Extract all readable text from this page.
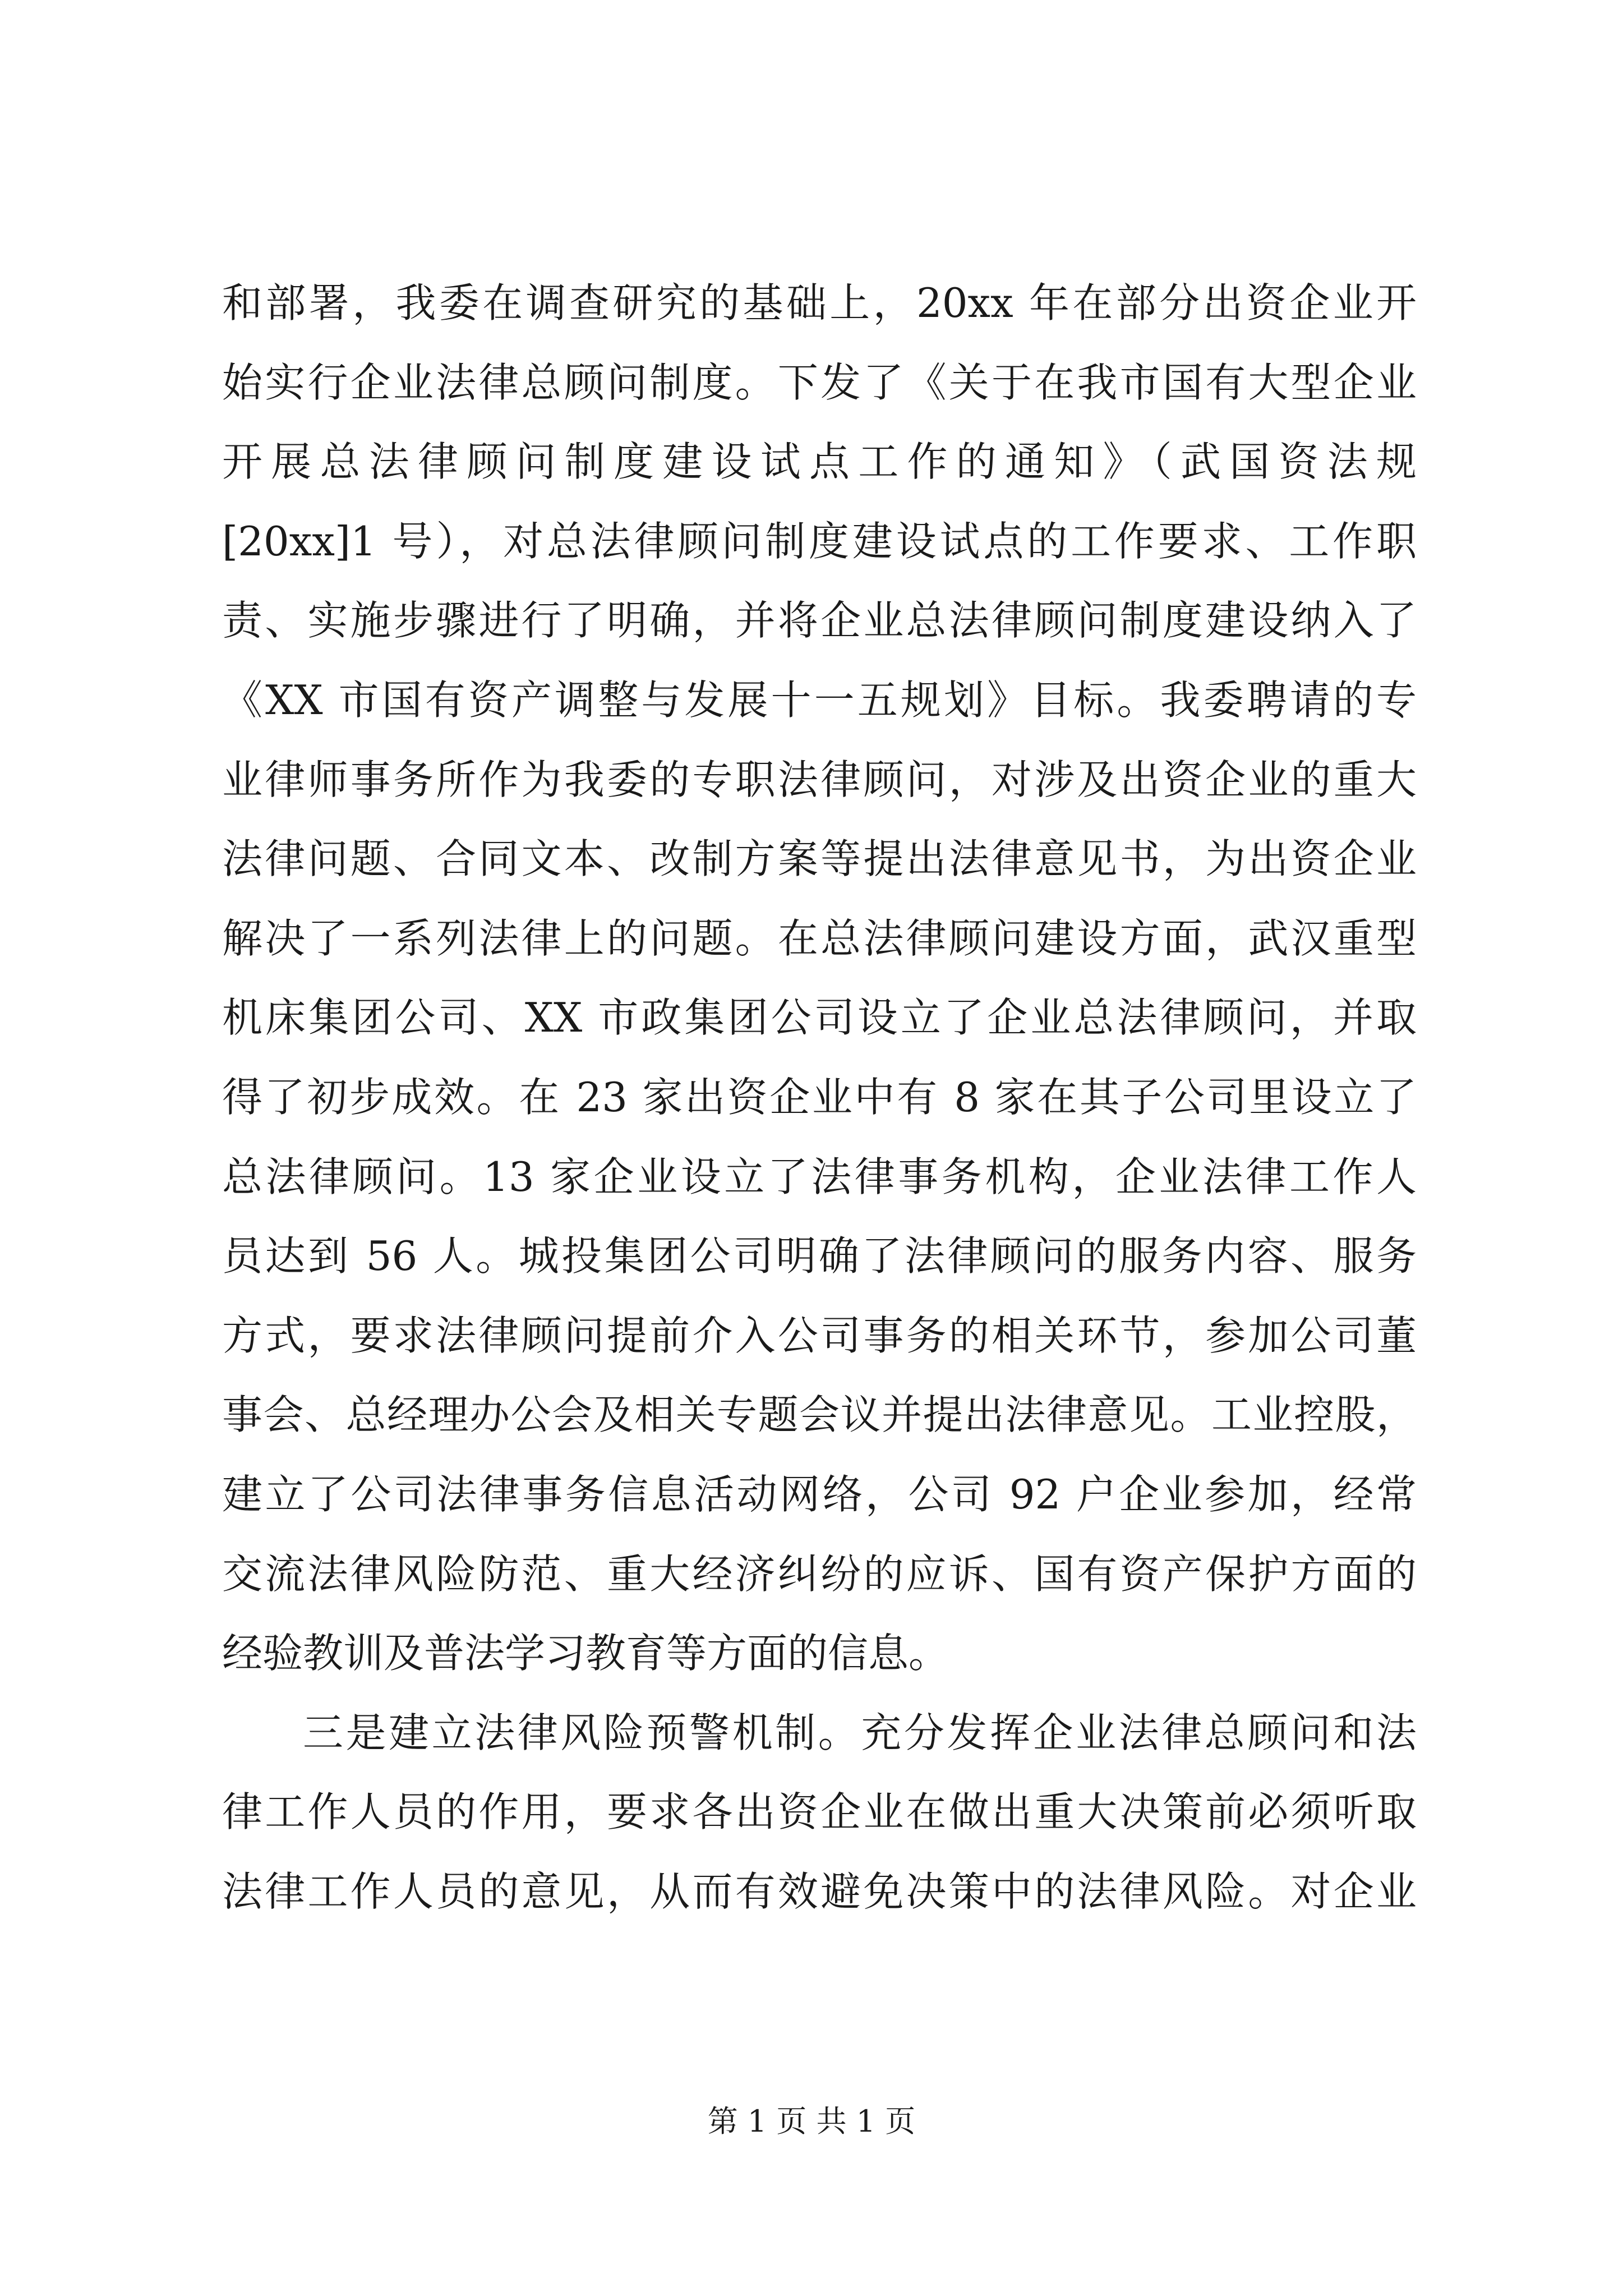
和部署，我委在调查研究的基础上，20xx 年在部分出资企业开
始实行企业法律总顾问制度。下发了《关于在我市国有大型企业
开展总法律顾问制度建设试点工作的通知》（武国资法规
[20xx]1 号），对总法律顾问制度建设试点的工作要求、工作职
责、实施步骤进行了明确，并将企业总法律顾问制度建设纳入了
《XX 市国有资产调整与发展十一五规划》目标。我委聘请的专
业律师事务所作为我委的专职法律顾问，对涉及出资企业的重大
法律问题、合同文本、改制方案等提出法律意见书，为出资企业
解决了一系列法律上的问题。在总法律顾问建设方面，武汉重型
机床集团公司、XX 市政集团公司设立了企业总法律顾问，并取
得了初步成效。在 23 家出资企业中有 8 家在其子公司里设立了
总法律顾问。13 家企业设立了法律事务机构，企业法律工作人
员达到 56 人。城投集团公司明确了法律顾问的服务内容、服务
方式，要求法律顾问提前介入公司事务的相关环节，参加公司董
事会、总经理办公会及相关专题会议并提出法律意见。工业控股，
建立了公司法律事务信息活动网络，公司 92 户企业参加，经常
交流法律风险防范、重大经济纠纷的应诉、国有资产保护方面的
经验教训及普法学习教育等方面的信息。
三是建立法律风险预警机制。充分发挥企业法律总顾问和法
律工作人员的作用，要求各出资企业在做出重大决策前必须听取
法律工作人员的意见，从而有效避免决策中的法律风险。对企业
第 1 页 共 1 页
